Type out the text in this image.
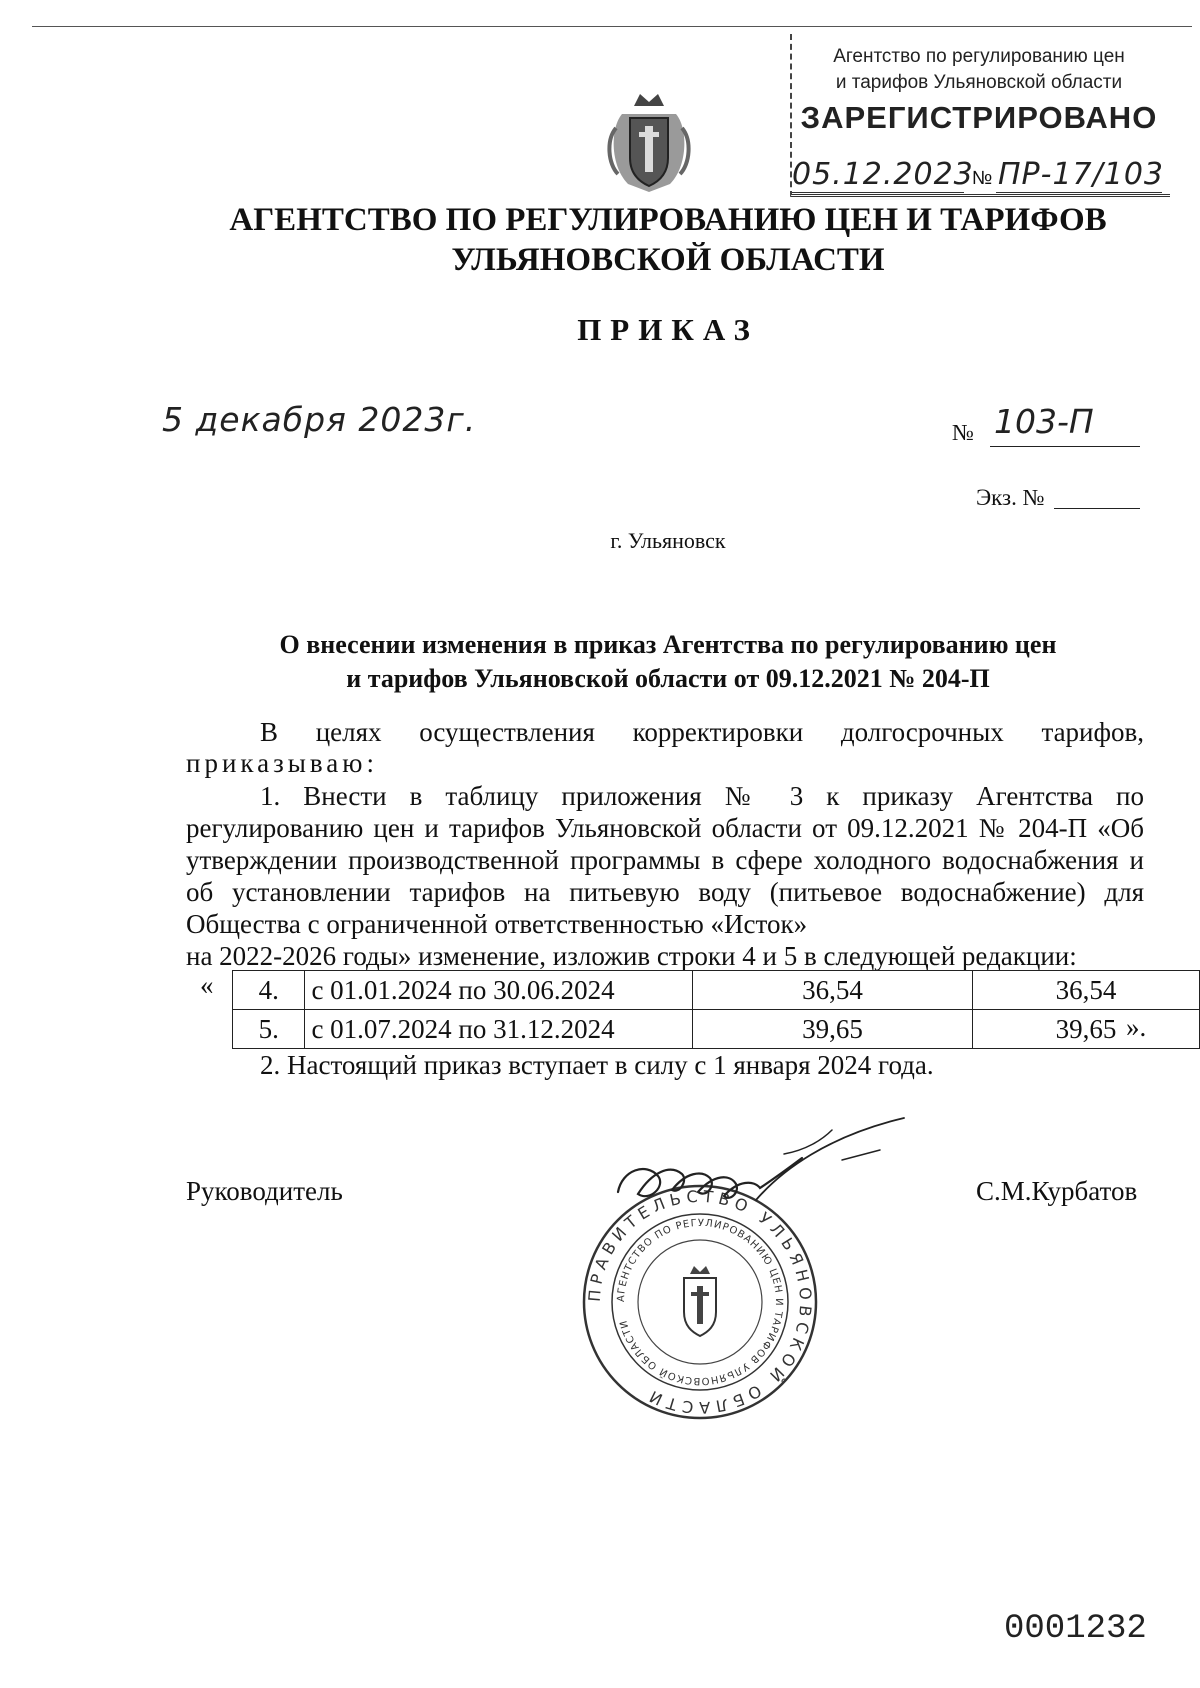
Агентство по регулированию цен
и тарифов Ульяновской области
ЗАРЕГИСТРИРОВАНО
05.12.2023
№ ПР-17/103
АГЕНТСТВО ПО РЕГУЛИРОВАНИЮ ЦЕН И ТАРИФОВ
УЛЬЯНОВСКОЙ ОБЛАСТИ
ПРИКАЗ
5 декабря 2023г.	№ 103-П
Экз. №
г. Ульяновск
О внесении изменения в приказ Агентства по регулированию цен
и тарифов Ульяновской области от 09.12.2021 № 204-П
В целях осуществления корректировки долгосрочных тарифов,
приказываю:
1. Внести в таблицу приложения № 3 к приказу Агентства по регулированию цен и тарифов Ульяновской области от 09.12.2021 № 204-П «Об утверждении производственной программы в сфере холодного водоснабжения и об установлении тарифов на питьевую воду (питьевое водоснабжение) для Общества с ограниченной ответственностью «Исток»
на 2022-2026 годы» изменение, изложив строки 4 и 5 в следующей редакции:
« 4.	с 01.01.2024 по 30.06.2024	36,54	36,54
5.	с 01.07.2024 по 31.12.2024	39,65	39,65 ».
2. Настоящий приказ вступает в силу с 1 января 2024 года.
Руководитель	С.М.Курбатов
ПРАВИТЕЛЬСТВО УЛЬЯНОВСКОЙ ОБЛАСТИ
АГЕНТСТВО ПО РЕГУЛИРОВАНИЮ ЦЕН И ТАРИФОВ УЛЬЯНОВСКОЙ ОБЛАСТИ
0001232
